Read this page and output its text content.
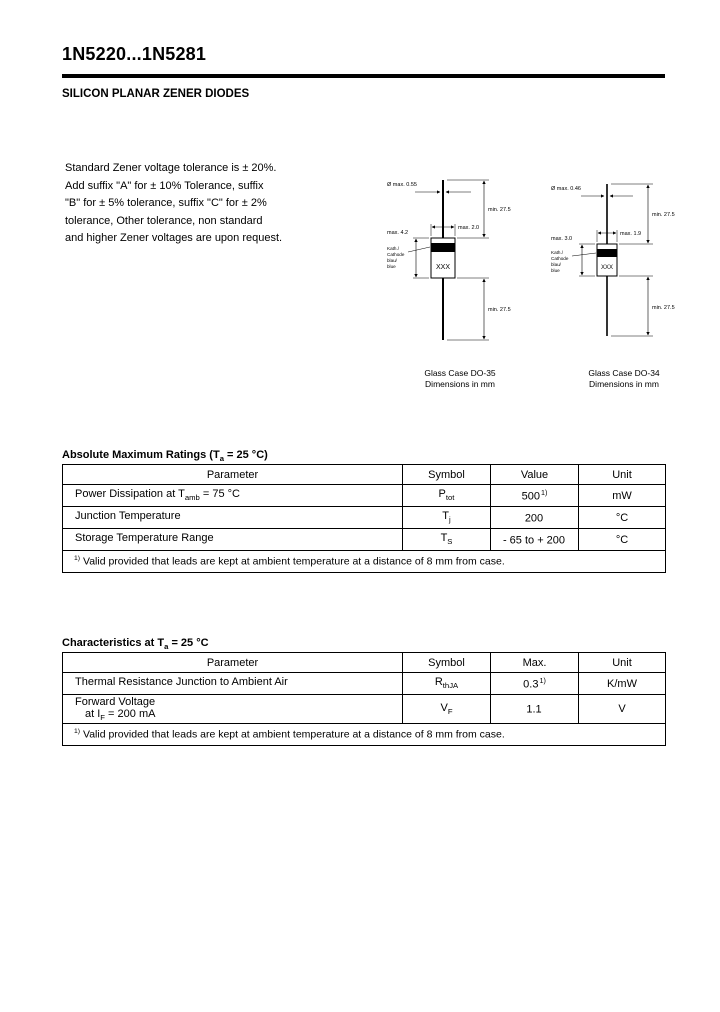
1N5220...1N5281
SILICON PLANAR ZENER DIODES
Standard Zener voltage tolerance is ± 20%.
Add suffix "A" for ± 10% Tolerance, suffix
"B" for ± 5% tolerance, suffix "C" for ± 2%
tolerance, Other tolerance, non standard
and higher Zener voltages are upon request.
XXX
Ø max. 0.55
min. 27.5
min. 27.5
max. 2.0
max. 4.2
Kath./
Cathode
blau/
blue
Glass Case DO-35
Dimensions in mm
XXX
Ø max. 0.46
min. 27.5
min. 27.5
max. 1.9
max. 3.0
Kath./
Cathode
blau/
blue
Glass Case DO-34
Dimensions in mm
Absolute Maximum Ratings ($T_a = 25$ °C)
Parameter	Symbol	Value	Unit
Power Dissipation at $T_{amb} = 75$ °C	$P_{tot}$	500$^{1)}$	mW
Junction Temperature	$T_j$	200	°C
Storage Temperature Range	$T_S$	- 65 to + 200	°C
$^{1)}$ Valid provided that leads are kept at ambient temperature at a distance of 8 mm from case.			
Characteristics at $T_a = 25$ °C
Parameter	Symbol	Max.	Unit
Thermal Resistance Junction to Ambient Air	$R_{thJA}$	0.3$^{1)}$	K/mW

Forward Voltage
at $I_F = 200$ mA	$V_F$	1.1	V
$^{1)}$ Valid provided that leads are kept at ambient temperature at a distance of 8 mm from case.			
